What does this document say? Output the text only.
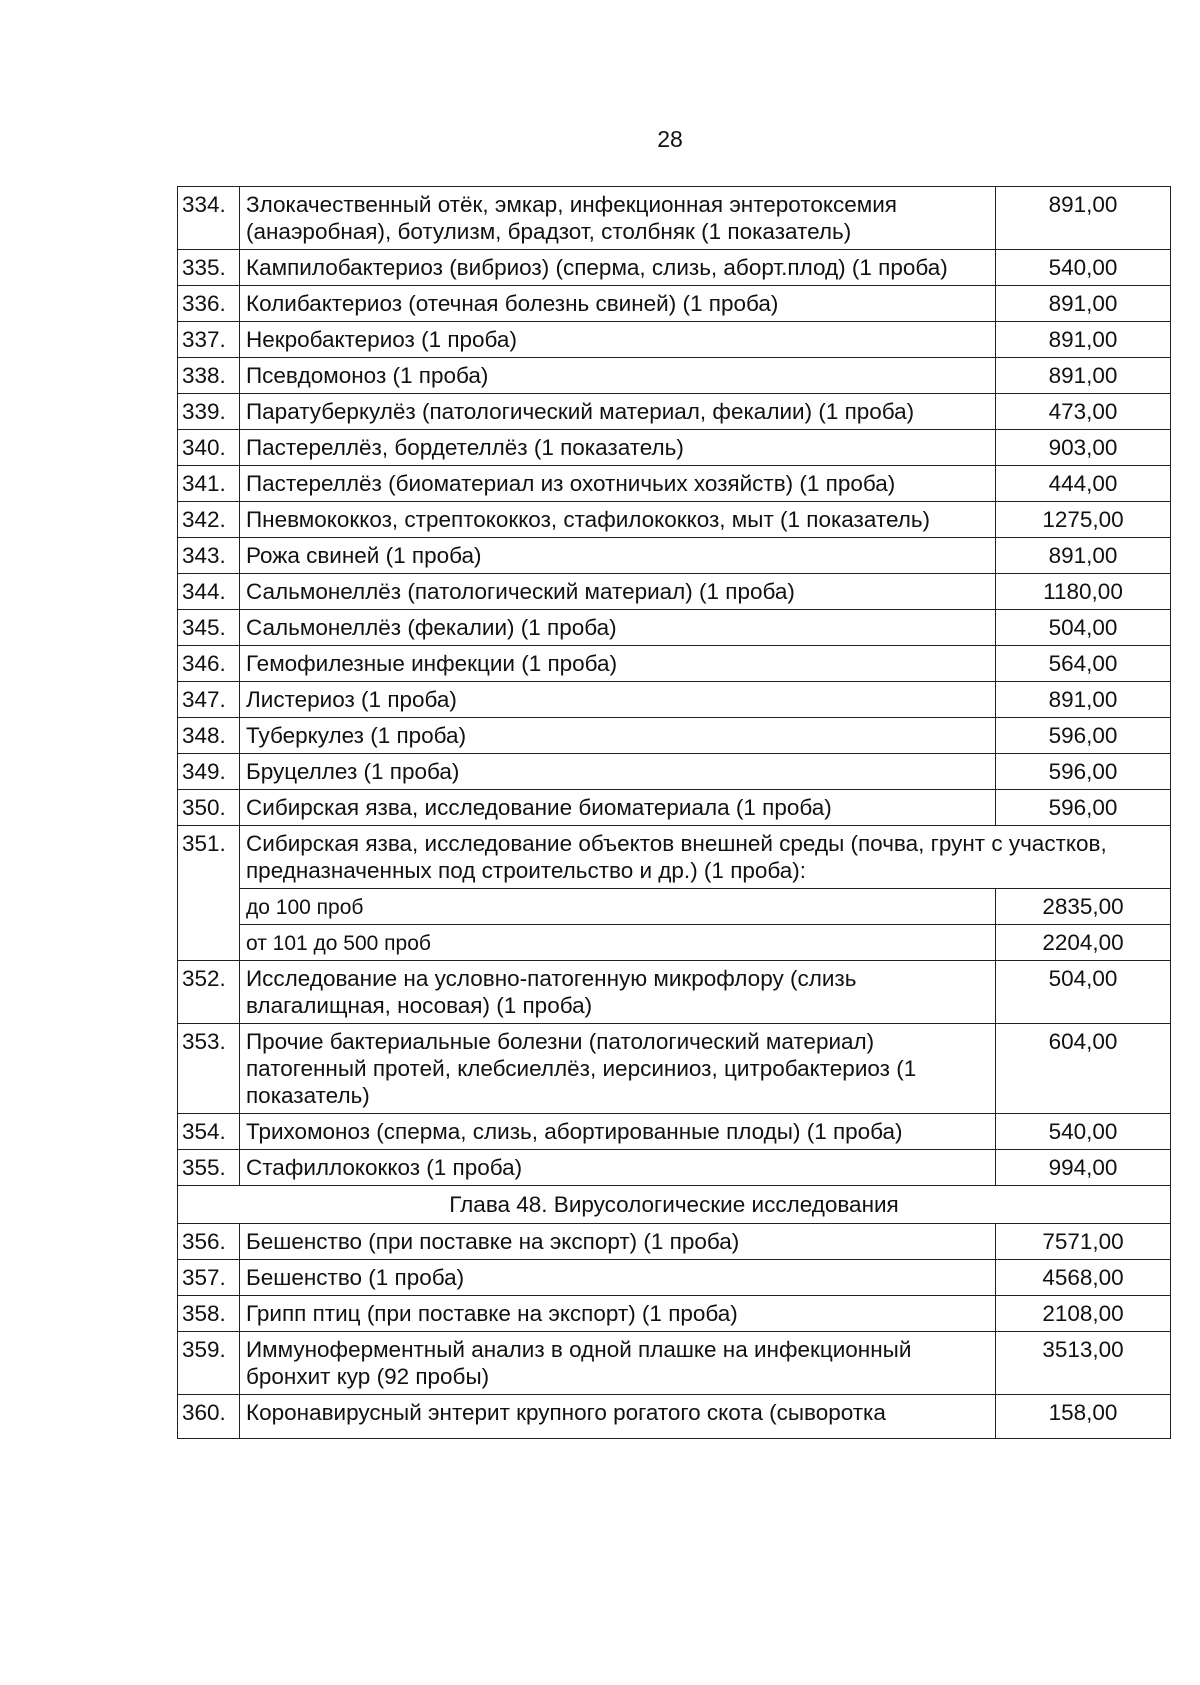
28
334.	Злокачественный отёк, эмкар, инфекционная энтеротоксемия (анаэробная), ботулизм, брадзот, столбняк (1 показатель)	891,00
335.	Кампилобактериоз (вибриоз) (сперма, слизь, аборт.плод) (1 проба)	540,00
336.	Колибактериоз (отечная болезнь свиней) (1 проба)	891,00
337.	Некробактериоз (1 проба)	891,00
338.	Псевдомоноз (1 проба)	891,00
339.	Паратуберкулёз (патологический материал, фекалии) (1 проба)	473,00
340.	Пастереллёз, бордетеллёз (1 показатель)	903,00
341.	Пастереллёз (биоматериал из охотничьих хозяйств) (1 проба)	444,00
342.	Пневмококкоз, стрептококкоз, стафилококкоз, мыт (1 показатель)	1275,00
343.	Рожа свиней (1 проба)	891,00
344.	Сальмонеллёз (патологический материал) (1 проба)	1180,00
345.	Сальмонеллёз (фекалии) (1 проба)	504,00
346.	Гемофилезные инфекции (1 проба)	564,00
347.	Листериоз (1 проба)	891,00
348.	Туберкулез (1 проба)	596,00
349.	Бруцеллез (1 проба)	596,00
350.	Сибирская язва, исследование биоматериала (1 проба)	596,00
351.	Сибирская язва, исследование объектов внешней среды (почва, грунт с участков, предназначенных под строительство и др.) (1 проба):	
	до 100 проб	2835,00
	от 101 до 500 проб	2204,00
352.	Исследование на условно-патогенную микрофлору (слизь влагалищная, носовая) (1 проба)	504,00
353.	Прочие бактериальные болезни (патологический материал) патогенный протей, клебсиеллёз, иерсиниоз, цитробактериоз (1 показатель)	604,00
354.	Трихомоноз (сперма, слизь, абортированные плоды) (1 проба)	540,00
355.	Стафиллококкоз (1 проба)	994,00
Глава 48. Вирусологические исследования		
356.	Бешенство (при поставке на экспорт) (1 проба)	7571,00
357.	Бешенство (1 проба)	4568,00
358.	Грипп птиц (при поставке на экспорт) (1 проба)	2108,00
359.	Иммуноферментный анализ в одной плашке на инфекционный бронхит кур (92 пробы)	3513,00
360.	Коронавирусный энтерит крупного рогатого скота (сыворотка	158,00
